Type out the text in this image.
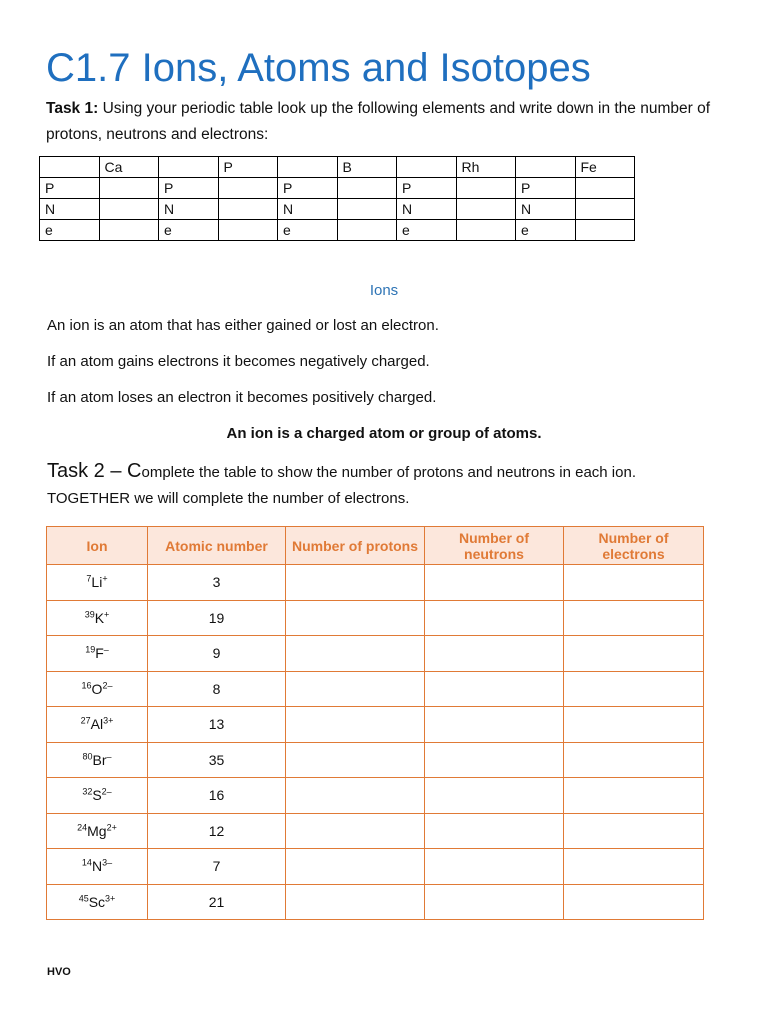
C1.7 Ions, Atoms and Isotopes
Task 1: Using your periodic table look up the following elements and write down in the number of protons, neutrons and electrons:
	Ca		P		B		Rh		Fe
P		P		P		P		P	
N		N		N		N		N	
e		e		e		e		e	
Ions
An ion is an atom that has either gained or lost an electron.
If an atom gains electrons it becomes negatively charged.
If an atom loses an electron it becomes positively charged.
An ion is a charged atom or group of atoms.
Task 2 – Complete the table to show the number of protons and neutrons in each ion.
TOGETHER we will complete the number of electrons.
Ion	Atomic number	Number of protons	Number of neutrons	Number of electrons
$^7$Li+	3			
$^{39}$K+	19			
$^{19}$F–	9			
$^{16}O^{2-}$	8			
$^{27}Al^{3+}$	13			
$^{80}$Br–	35			
$^{32}S^{2-}$	16			
$^{24}Mg^{2+}$	12			
$^{14}N^{3-}$	7			
$^{45}Sc^{3+}$	21			
HVO
